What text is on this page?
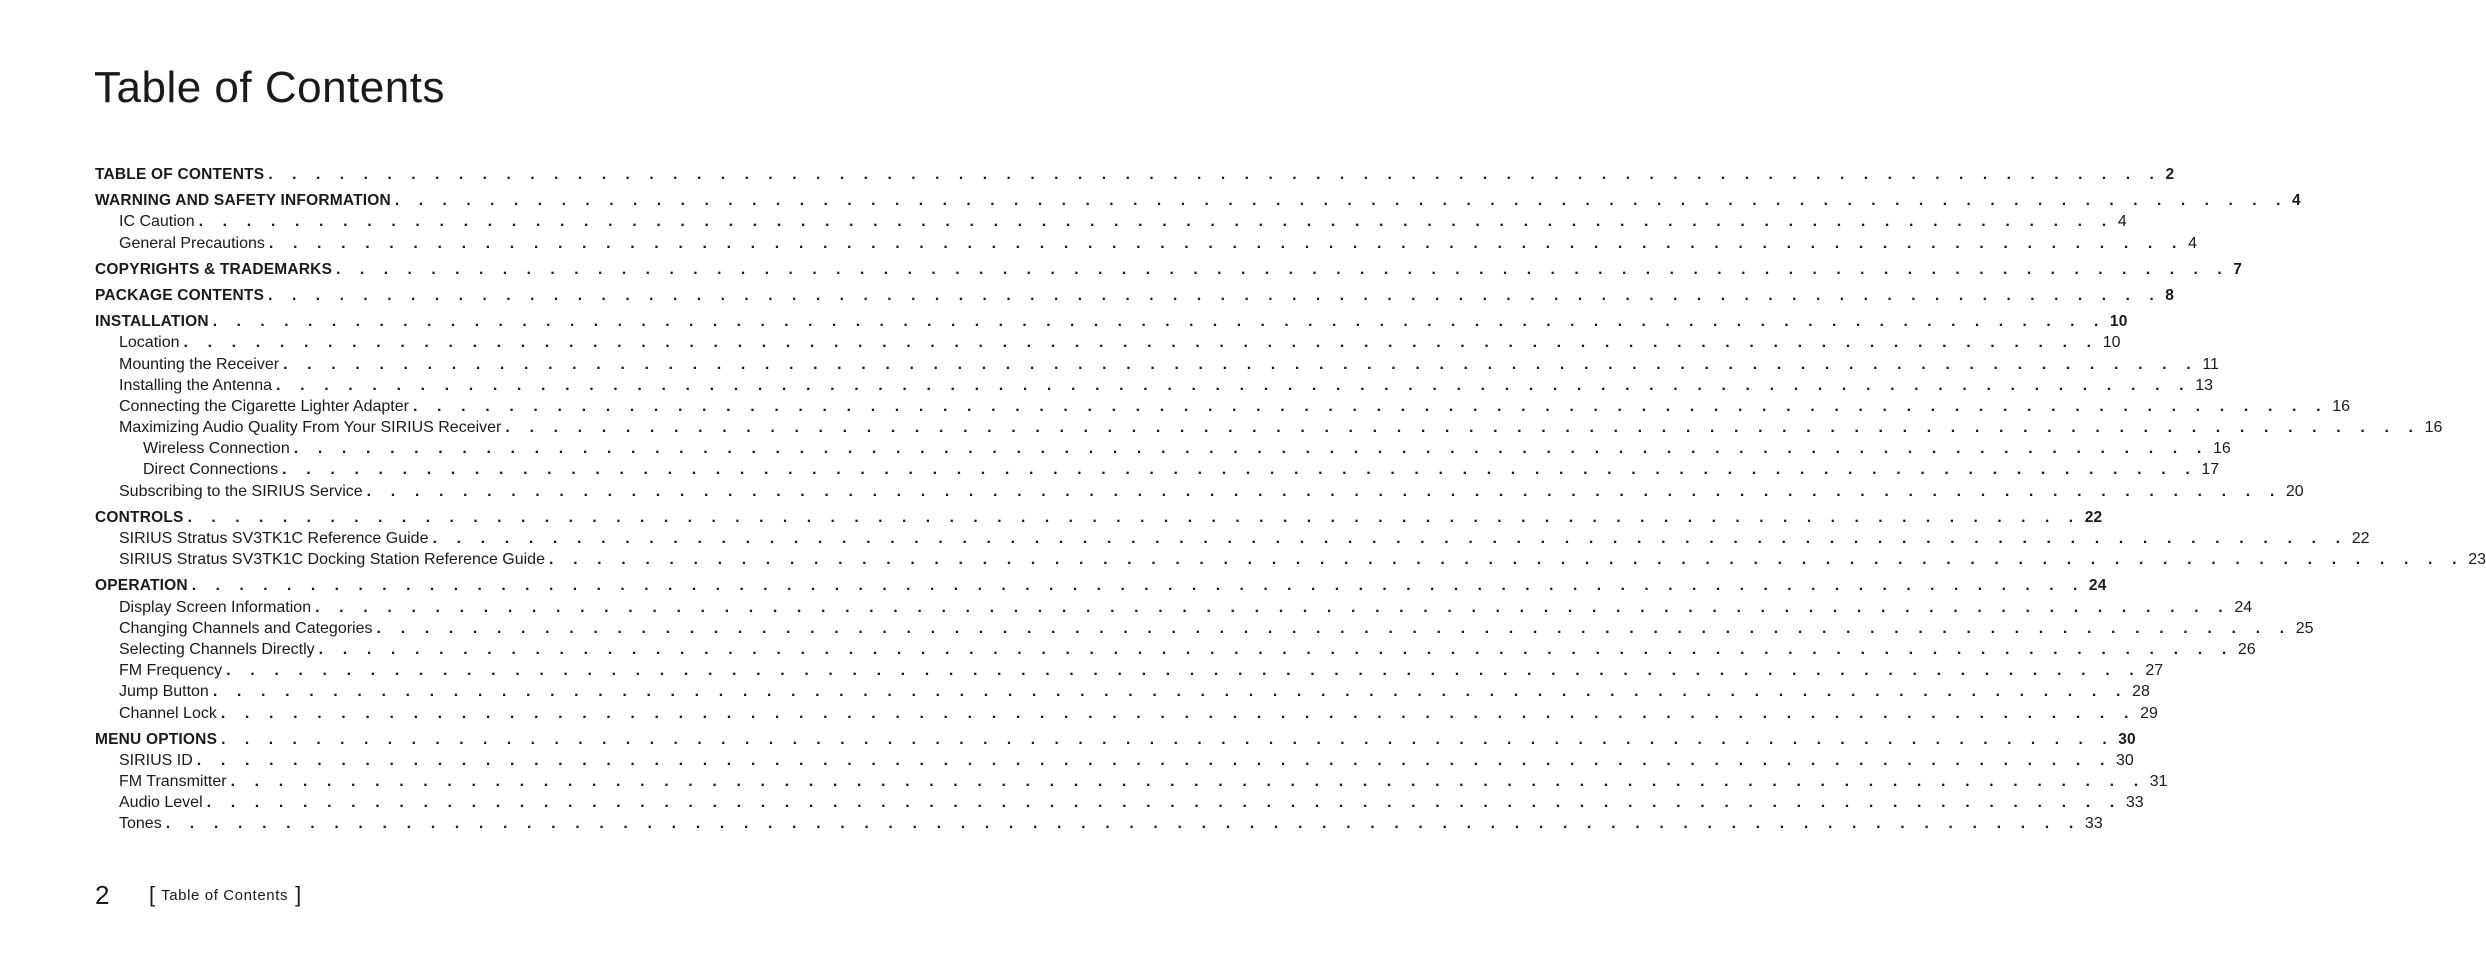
Table of Contents
TABLE OF CONTENTS . . . . . . . . . . . . . . . . . . . . . . . . . . . . . . . . . . . . . . . . . . . . . . . . . . . . . . . . . . . . . . . . . . . . . . . . . . . . . . . . 2
WARNING AND SAFETY INFORMATION . . . . . . . . . . . . . . . . . . . . . . . . . . . . . . . . . . . . . . . . . . . . . . . . . . . . . . . . . . . . . . . . . . . . . . . . . . . . . . . . 4
IC Caution . . . . . . . . . . . . . . . . . . . . . . . . . . . . . . . . . . . . . . . . . . . . . . . . . . . . . . . . . . . . . . . . . . . . . . . . . . . . . . . . 4
General Precautions . . . . . . . . . . . . . . . . . . . . . . . . . . . . . . . . . . . . . . . . . . . . . . . . . . . . . . . . . . . . . . . . . . . . . . . . . . . . . . . . 4
COPYRIGHTS & TRADEMARKS . . . . . . . . . . . . . . . . . . . . . . . . . . . . . . . . . . . . . . . . . . . . . . . . . . . . . . . . . . . . . . . . . . . . . . . . . . . . . . . . 7
PACKAGE CONTENTS . . . . . . . . . . . . . . . . . . . . . . . . . . . . . . . . . . . . . . . . . . . . . . . . . . . . . . . . . . . . . . . . . . . . . . . . . . . . . . . . 8
INSTALLATION . . . . . . . . . . . . . . . . . . . . . . . . . . . . . . . . . . . . . . . . . . . . . . . . . . . . . . . . . . . . . . . . . . . . . . . . . . . . . . . . 10
Location . . . . . . . . . . . . . . . . . . . . . . . . . . . . . . . . . . . . . . . . . . . . . . . . . . . . . . . . . . . . . . . . . . . . . . . . . . . . . . . . 10
Mounting the Receiver . . . . . . . . . . . . . . . . . . . . . . . . . . . . . . . . . . . . . . . . . . . . . . . . . . . . . . . . . . . . . . . . . . . . . . . . . . . . . . . . 11
Installing the Antenna . . . . . . . . . . . . . . . . . . . . . . . . . . . . . . . . . . . . . . . . . . . . . . . . . . . . . . . . . . . . . . . . . . . . . . . . . . . . . . . . 13
Connecting the Cigarette Lighter Adapter . . . . . . . . . . . . . . . . . . . . . . . . . . . . . . . . . . . . . . . . . . . . . . . . . . . . . . . . . . . . . . . . . . . . . . . . . . . . . . . . 16
Maximizing Audio Quality From Your SIRIUS Receiver . . . . . . . . . . . . . . . . . . . . . . . . . . . . . . . . . . . . . . . . . . . . . . . . . . . . . . . . . . . . . . . . . . . . . . . . . . . . . . . . 16
Wireless Connection . . . . . . . . . . . . . . . . . . . . . . . . . . . . . . . . . . . . . . . . . . . . . . . . . . . . . . . . . . . . . . . . . . . . . . . . . . . . . . . . 16
Direct Connections . . . . . . . . . . . . . . . . . . . . . . . . . . . . . . . . . . . . . . . . . . . . . . . . . . . . . . . . . . . . . . . . . . . . . . . . . . . . . . . . 17
Subscribing to the SIRIUS Service . . . . . . . . . . . . . . . . . . . . . . . . . . . . . . . . . . . . . . . . . . . . . . . . . . . . . . . . . . . . . . . . . . . . . . . . . . . . . . . . 20
CONTROLS . . . . . . . . . . . . . . . . . . . . . . . . . . . . . . . . . . . . . . . . . . . . . . . . . . . . . . . . . . . . . . . . . . . . . . . . . . . . . . . . 22
SIRIUS Stratus SV3TK1C Reference Guide . . . . . . . . . . . . . . . . . . . . . . . . . . . . . . . . . . . . . . . . . . . . . . . . . . . . . . . . . . . . . . . . . . . . . . . . . . . . . . . . 22
SIRIUS Stratus SV3TK1C Docking Station Reference Guide . . . . . . . . . . . . . . . . . . . . . . . . . . . . . . . . . . . . . . . . . . . . . . . . . . . . . . . . . . . . . . . . . . . . . . . . . . . . . . . . 23
OPERATION . . . . . . . . . . . . . . . . . . . . . . . . . . . . . . . . . . . . . . . . . . . . . . . . . . . . . . . . . . . . . . . . . . . . . . . . . . . . . . . . 24
Display Screen Information . . . . . . . . . . . . . . . . . . . . . . . . . . . . . . . . . . . . . . . . . . . . . . . . . . . . . . . . . . . . . . . . . . . . . . . . . . . . . . . . 24
Changing Channels and Categories . . . . . . . . . . . . . . . . . . . . . . . . . . . . . . . . . . . . . . . . . . . . . . . . . . . . . . . . . . . . . . . . . . . . . . . . . . . . . . . . 25
Selecting Channels Directly . . . . . . . . . . . . . . . . . . . . . . . . . . . . . . . . . . . . . . . . . . . . . . . . . . . . . . . . . . . . . . . . . . . . . . . . . . . . . . . . 26
FM Frequency . . . . . . . . . . . . . . . . . . . . . . . . . . . . . . . . . . . . . . . . . . . . . . . . . . . . . . . . . . . . . . . . . . . . . . . . . . . . . . . . 27
Jump Button . . . . . . . . . . . . . . . . . . . . . . . . . . . . . . . . . . . . . . . . . . . . . . . . . . . . . . . . . . . . . . . . . . . . . . . . . . . . . . . . 28
Channel Lock . . . . . . . . . . . . . . . . . . . . . . . . . . . . . . . . . . . . . . . . . . . . . . . . . . . . . . . . . . . . . . . . . . . . . . . . . . . . . . . . 29
MENU OPTIONS . . . . . . . . . . . . . . . . . . . . . . . . . . . . . . . . . . . . . . . . . . . . . . . . . . . . . . . . . . . . . . . . . . . . . . . . . . . . . . . . 30
SIRIUS ID . . . . . . . . . . . . . . . . . . . . . . . . . . . . . . . . . . . . . . . . . . . . . . . . . . . . . . . . . . . . . . . . . . . . . . . . . . . . . . . . 30
FM Transmitter . . . . . . . . . . . . . . . . . . . . . . . . . . . . . . . . . . . . . . . . . . . . . . . . . . . . . . . . . . . . . . . . . . . . . . . . . . . . . . . . 31
Audio Level . . . . . . . . . . . . . . . . . . . . . . . . . . . . . . . . . . . . . . . . . . . . . . . . . . . . . . . . . . . . . . . . . . . . . . . . . . . . . . . . 33
Tones . . . . . . . . . . . . . . . . . . . . . . . . . . . . . . . . . . . . . . . . . . . . . . . . . . . . . . . . . . . . . . . . . . . . . . . . . . . . . . . . 33
2	[ Table of Contents ]
